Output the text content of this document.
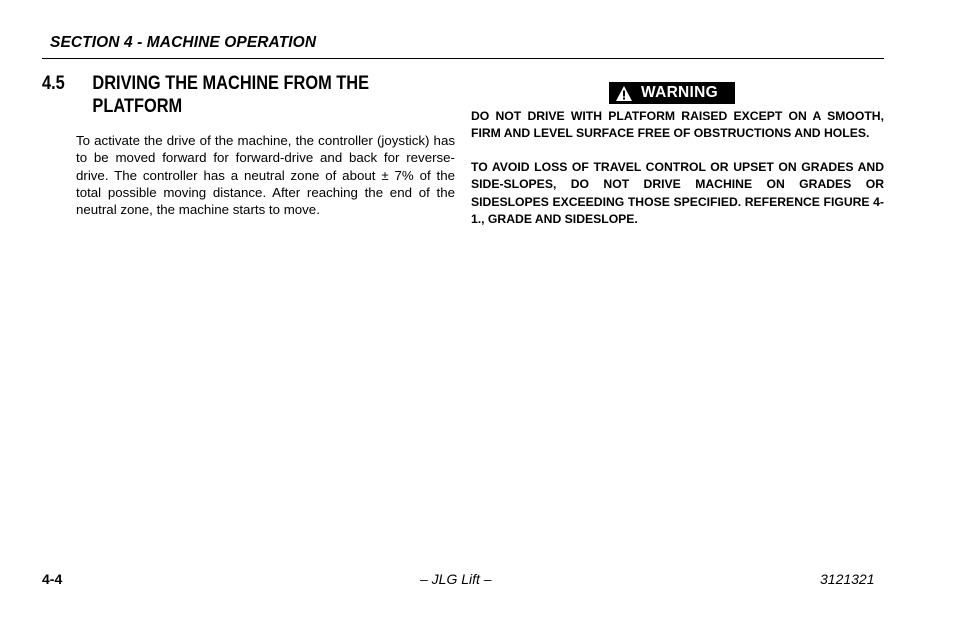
SECTION 4 - MACHINE OPERATION
4.5	DRIVING THE MACHINE FROM THE PLATFORM
To activate the drive of the machine, the controller (joystick) has to be moved forward for forward-drive and back for reverse-drive. The controller has a neutral zone of about ± 7% of the total possible moving distance. After reaching the end of the neutral zone, the machine starts to move.
WARNING
DO NOT DRIVE WITH PLATFORM RAISED EXCEPT ON A SMOOTH, FIRM AND LEVEL SURFACE FREE OF OBSTRUCTIONS AND HOLES.
TO AVOID LOSS OF TRAVEL CONTROL OR UPSET ON GRADES AND SIDE-SLOPES, DO NOT DRIVE MACHINE ON GRADES OR SIDESLOPES EXCEEDING THOSE SPECIFIED. REFERENCE FIGURE 4-1., GRADE AND SIDESLOPE.
4-4	– JLG Lift –	3121321
